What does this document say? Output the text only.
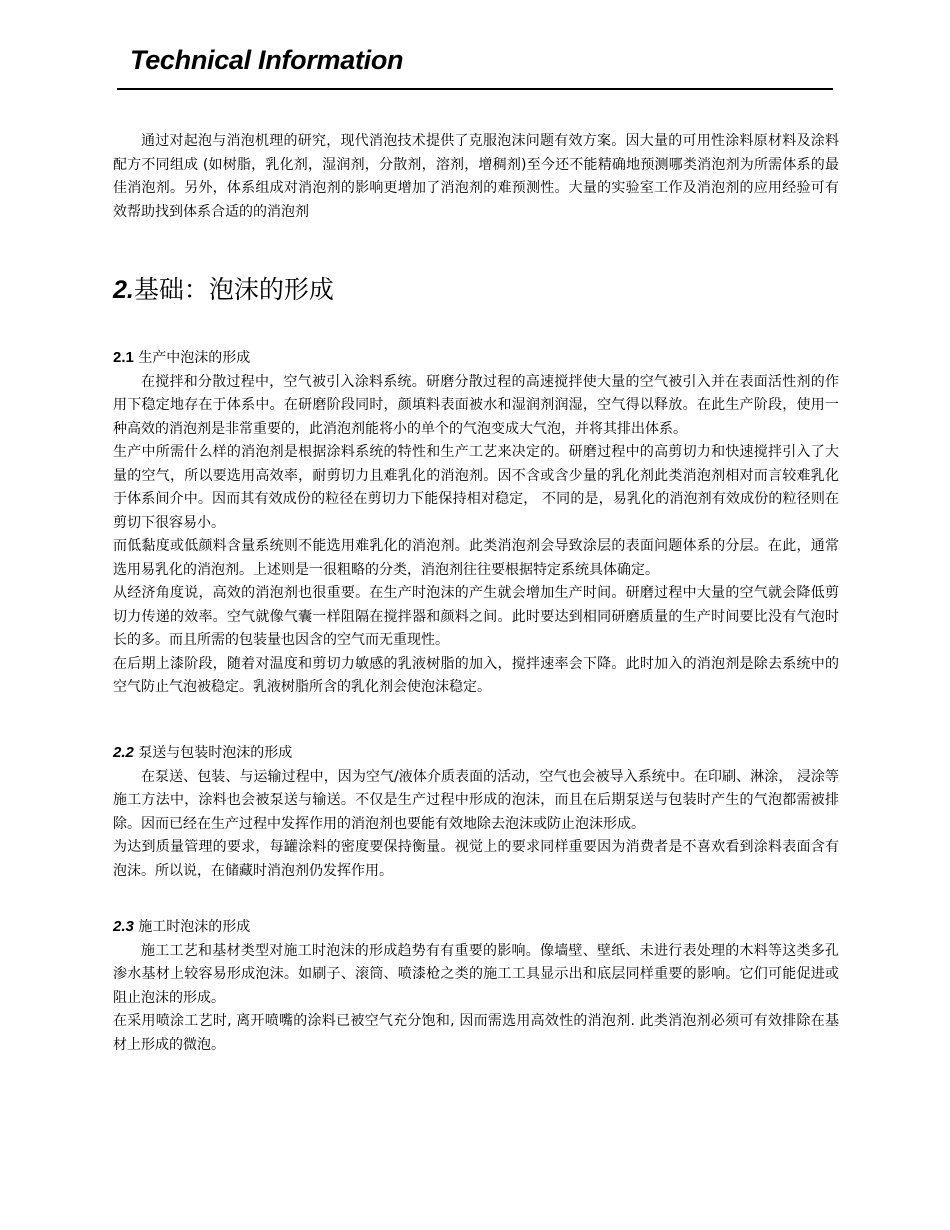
Technical Information

通过对起泡与消泡机理的研究，现代消泡技术提供了克服泡沫问题有效方案。因大量的可用性涂料原材料及涂料配方不同组成 (如树脂，乳化剂，湿润剂，分散剂，溶剂，增稠剂)至今还不能精确地预测哪类消泡剂为所需体系的最佳消泡剂。另外，体系组成对消泡剂的影响更增加了消泡剂的难预测性。大量的实验室工作及消泡剂的应用经验可有效帮助找到体系合适的的消泡剂

2.基础：泡沫的形成

2.1 生产中泡沫的形成

在搅拌和分散过程中，空气被引入涂料系统。研磨分散过程的高速搅拌使大量的空气被引入并在表面活性剂的作用下稳定地存在于体系中。在研磨阶段同时，颜填料表面被水和湿润剂润湿，空气得以释放。在此生产阶段，使用一种高效的消泡剂是非常重要的，此消泡剂能将小的单个的气泡变成大气泡，并将其排出体系。

生产中所需什么样的消泡剂是根据涂料系统的特性和生产工艺来决定的。研磨过程中的高剪切力和快速搅拌引入了大量的空气，所以要选用高效率，耐剪切力且难乳化的消泡剂。因不含或含少量的乳化剂此类消泡剂相对而言较难乳化于体系间介中。因而其有效成份的粒径在剪切力下能保持相对稳定， 不同的是，易乳化的消泡剂有效成份的粒径则在剪切下很容易小。

而低黏度或低颜料含量系统则不能选用难乳化的消泡剂。此类消泡剂会导致涂层的表面问题体系的分层。在此，通常选用易乳化的消泡剂。上述则是一很粗略的分类，消泡剂往往要根据特定系统具体确定。

从经济角度说，高效的消泡剂也很重要。在生产时泡沫的产生就会增加生产时间。研磨过程中大量的空气就会降低剪切力传递的效率。空气就像气囊一样阻隔在搅拌器和颜料之间。此时要达到相同研磨质量的生产时间要比没有气泡时长的多。而且所需的包装量也因含的空气而无重现性。

在后期上漆阶段，随着对温度和剪切力敏感的乳液树脂的加入，搅拌速率会下降。此时加入的消泡剂是除去系统中的空气防止气泡被稳定。乳液树脂所含的乳化剂会使泡沫稳定。

2.2 泵送与包装时泡沫的形成

在泵送、包装、与运输过程中，因为空气/液体介质表面的活动，空气也会被导入系统中。在印刷、淋涂， 浸涂等施工方法中，涂料也会被泵送与输送。不仅是生产过程中形成的泡沫，而且在后期泵送与包装时产生的气泡都需被排除。因而已经在生产过程中发挥作用的消泡剂也要能有效地除去泡沫或防止泡沫形成。

为达到质量管理的要求，每罐涂料的密度要保持衡量。视觉上的要求同样重要因为消费者是不喜欢看到涂料表面含有泡沫。所以说，在储藏时消泡剂仍发挥作用。

2.3 施工时泡沫的形成

施工工艺和基材类型对施工时泡沫的形成趋势有有重要的影响。像墙壁、壁纸、未进行表处理的木料等这类多孔渗水基材上较容易形成泡沫。如刷子、滚筒、喷漆枪之类的施工工具显示出和底层同样重要的影响。它们可能促进或阻止泡沫的形成。

在采用喷涂工艺时, 离开喷嘴的涂料已被空气充分饱和, 因而需选用高效性的消泡剂. 此类消泡剂必须可有效排除在基材上形成的微泡。
